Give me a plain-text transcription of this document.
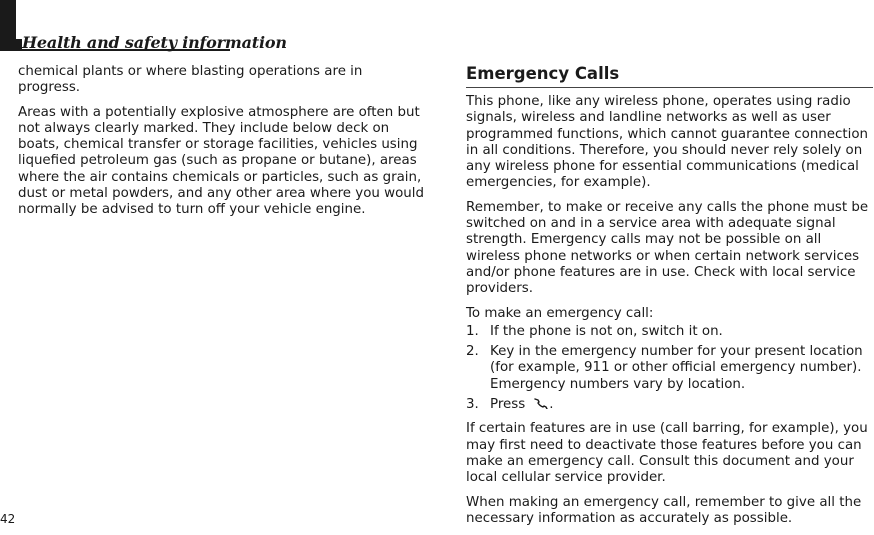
Health and safety information

chemical plants or where blasting operations are in progress.

Areas with a potentially explosive atmosphere are often but not always clearly marked. They include below deck on boats, chemical transfer or storage facilities, vehicles using liquefied petroleum gas (such as propane or butane), areas where the air contains chemicals or particles, such as grain, dust or metal powders, and any other area where you would normally be advised to turn off your vehicle engine.

Emergency Calls

This phone, like any wireless phone, operates using radio signals, wireless and landline networks as well as user programmed functions, which cannot guarantee connection in all conditions. Therefore, you should never rely solely on any wireless phone for essential communications (medical emergencies, for example).

Remember, to make or receive any calls the phone must be switched on and in a service area with adequate signal strength. Emergency calls may not be possible on all wireless phone networks or when certain network services and/or phone features are in use. Check with local service providers.

To make an emergency call:

1. If the phone is not on, switch it on.
2. Key in the emergency number for your present location (for example, 911 or other official emergency number). Emergency numbers vary by location.
3. Press .

If certain features are in use (call barring, for example), you may first need to deactivate those features before you can make an emergency call. Consult this document and your local cellular service provider.

When making an emergency call, remember to give all the necessary information as accurately as possible.

42
